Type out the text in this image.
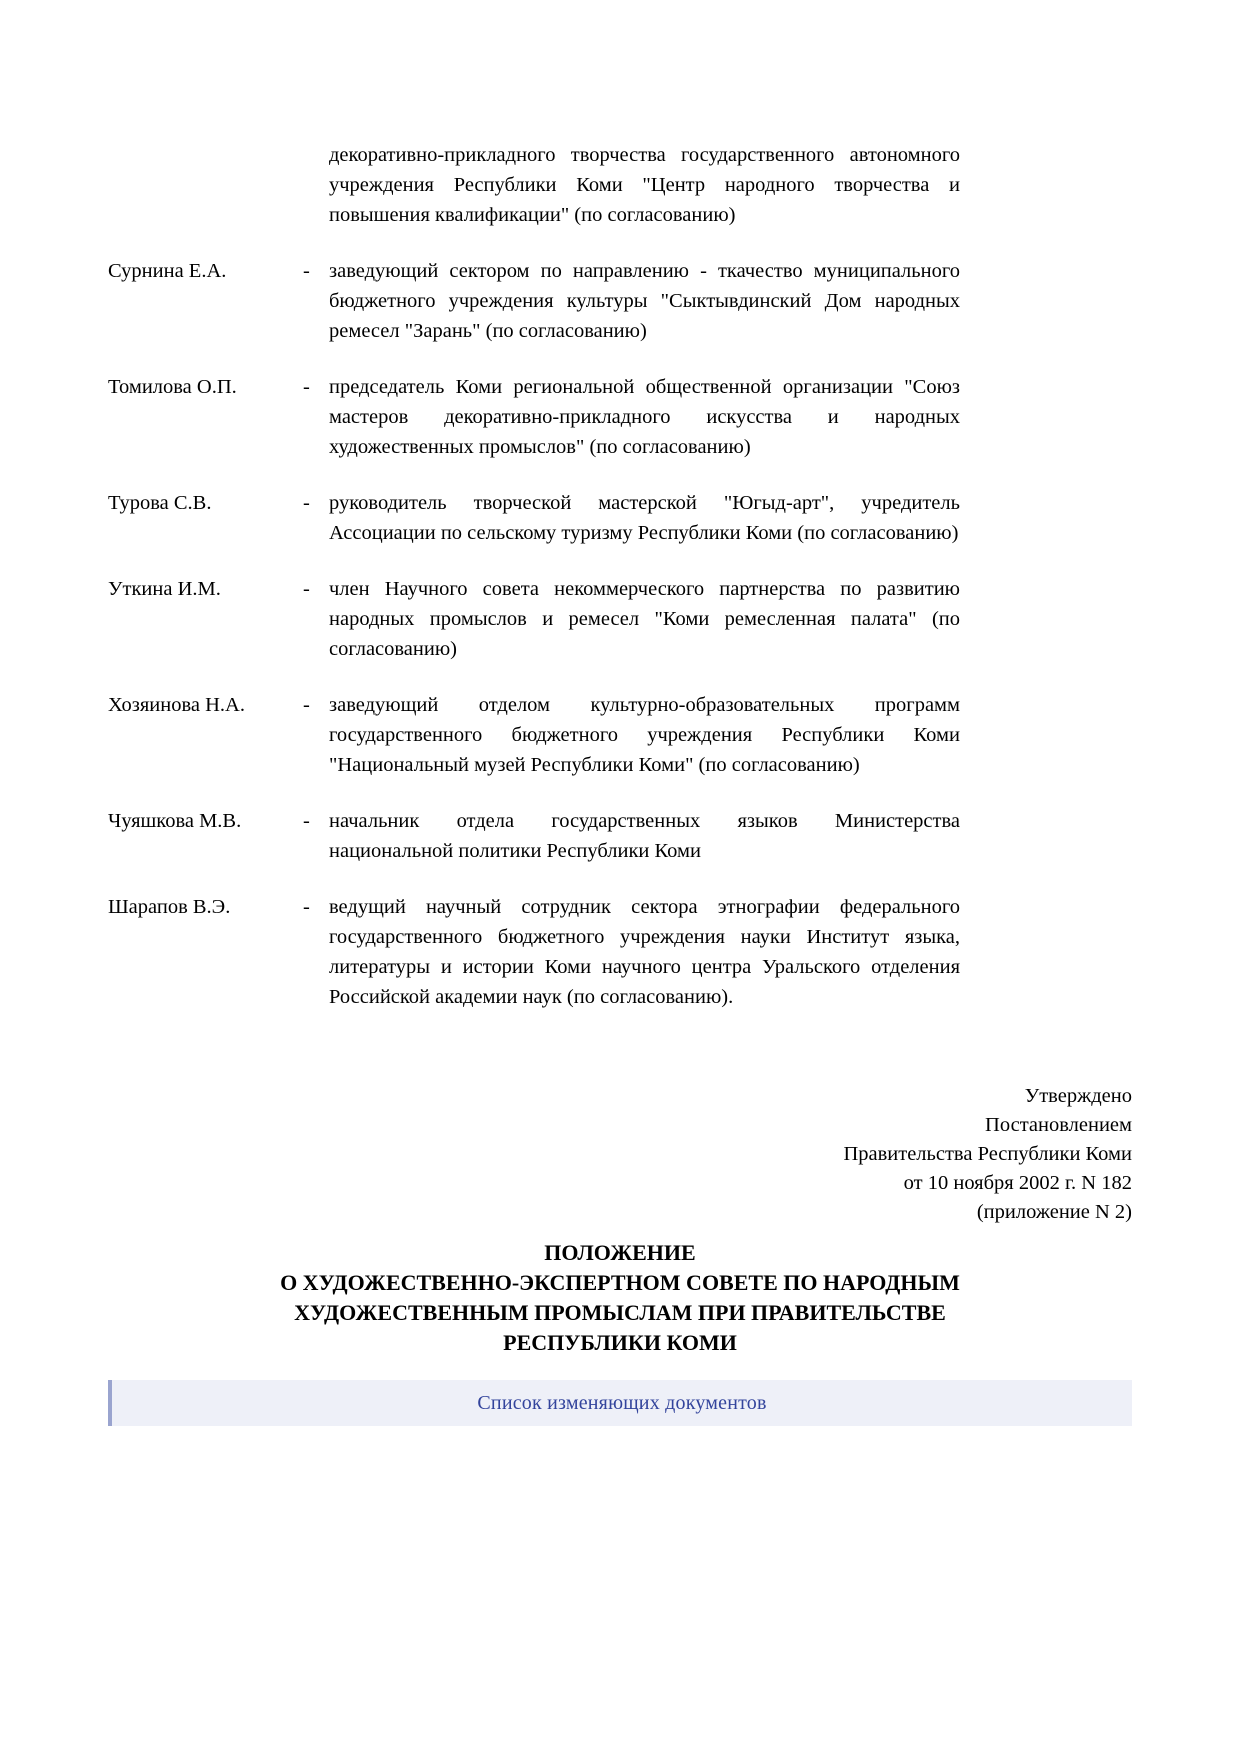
декоративно-прикладного творчества государственного автономного учреждения Республики Коми "Центр народного творчества и повышения квалификации" (по согласованию)
Сурнина Е.А.	- заведующий сектором по направлению - ткачество муниципального бюджетного учреждения культуры "Сыктывдинский Дом народных ремесел "Зарань" (по согласованию)
Томилова О.П.	- председатель Коми региональной общественной организации "Союз мастеров декоративно-прикладного искусства и народных художественных промыслов" (по согласованию)
Турова С.В.	- руководитель творческой мастерской "Югыд-арт", учредитель Ассоциации по сельскому туризму Республики Коми (по согласованию)
Уткина И.М.	- член Научного совета некоммерческого партнерства по развитию народных промыслов и ремесел "Коми ремесленная палата" (по согласованию)
Хозяинова Н.А.	- заведующий отделом культурно-образовательных программ государственного бюджетного учреждения Республики Коми "Национальный музей Республики Коми" (по согласованию)
Чуяшкова М.В.	- начальник отдела государственных языков Министерства национальной политики Республики Коми
Шарапов В.Э.	- ведущий научный сотрудник сектора этнографии федерального государственного бюджетного учреждения науки Институт языка, литературы и истории Коми научного центра Уральского отделения Российской академии наук (по согласованию).
Утверждено
Постановлением
Правительства Республики Коми
от 10 ноября 2002 г. N 182
(приложение N 2)
ПОЛОЖЕНИЕ
О ХУДОЖЕСТВЕННО-ЭКСПЕРТНОМ СОВЕТЕ ПО НАРОДНЫМ
ХУДОЖЕСТВЕННЫМ ПРОМЫСЛАМ ПРИ ПРАВИТЕЛЬСТВЕ
РЕСПУБЛИКИ КОМИ
Список изменяющих документов
